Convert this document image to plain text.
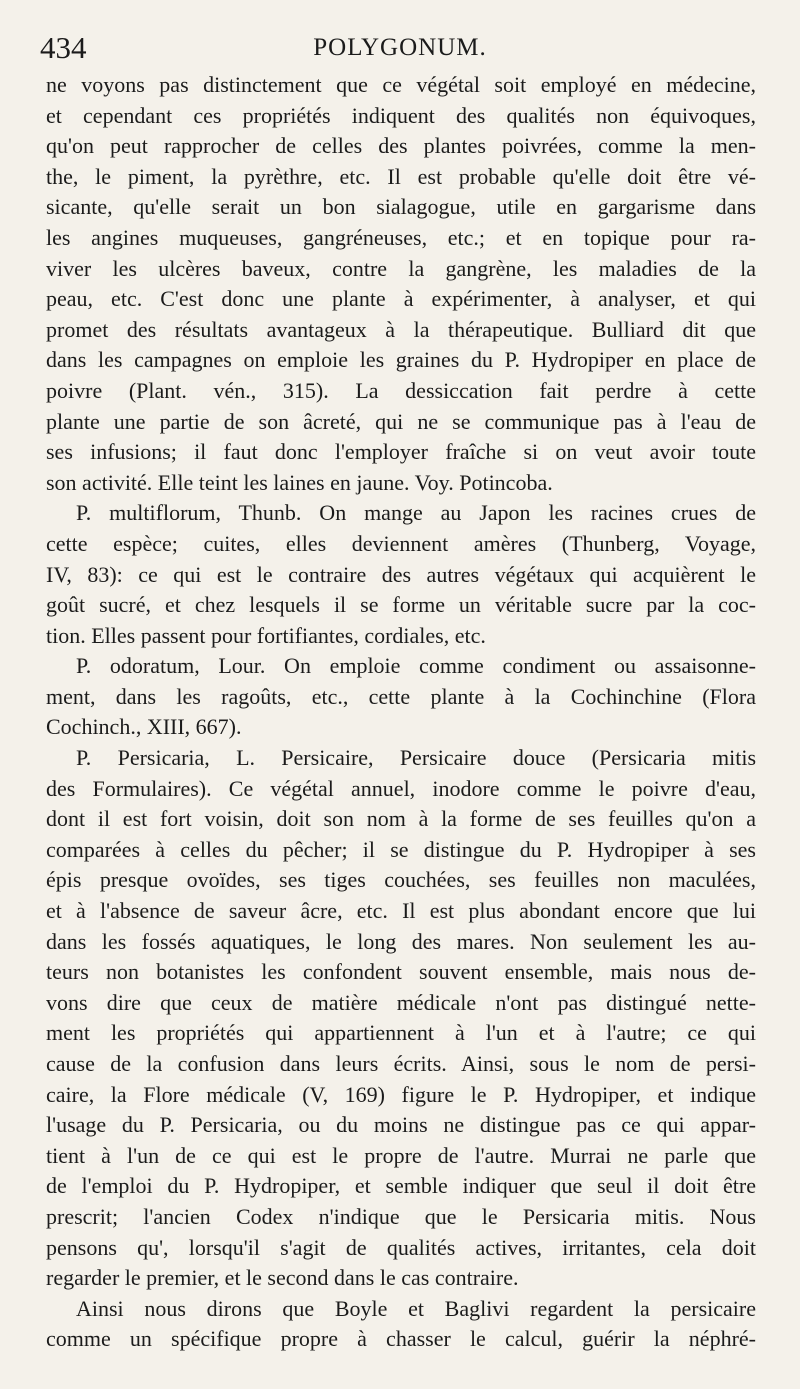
434	POLYGONUM.
ne voyons pas distinctement que ce végétal soit employé en médecine,
et cependant ces propriétés indiquent des qualités non équivoques,
qu'on peut rapprocher de celles des plantes poivrées, comme la men-
the, le piment, la pyrèthre, etc. Il est probable qu'elle doit être vé-
sicante, qu'elle serait un bon sialagogue, utile en gargarisme dans
les angines muqueuses, gangréneuses, etc.; et en topique pour ra-
viver les ulcères baveux, contre la gangrène, les maladies de la
peau, etc. C'est donc une plante à expérimenter, à analyser, et qui
promet des résultats avantageux à la thérapeutique. Bulliard dit que
dans les campagnes on emploie les graines du P. Hydropiper en place de
poivre (Plant. vén., 315). La dessiccation fait perdre à cette
plante une partie de son âcreté, qui ne se communique pas à l'eau de
ses infusions; il faut donc l'employer fraîche si on veut avoir toute
son activité. Elle teint les laines en jaune. Voy. Potincoba.
P. multiflorum, Thunb. On mange au Japon les racines crues de
cette espèce; cuites, elles deviennent amères (Thunberg, Voyage,
IV, 83): ce qui est le contraire des autres végétaux qui acquièrent le
goût sucré, et chez lesquels il se forme un véritable sucre par la coc-
tion. Elles passent pour fortifiantes, cordiales, etc.
P. odoratum, Lour. On emploie comme condiment ou assaisonne-
ment, dans les ragoûts, etc., cette plante à la Cochinchine (Flora
Cochinch., XIII, 667).
P. Persicaria, L. Persicaire, Persicaire douce (Persicaria mitis
des Formulaires). Ce végétal annuel, inodore comme le poivre d'eau,
dont il est fort voisin, doit son nom à la forme de ses feuilles qu'on a
comparées à celles du pêcher; il se distingue du P. Hydropiper à ses
épis presque ovoïdes, ses tiges couchées, ses feuilles non maculées,
et à l'absence de saveur âcre, etc. Il est plus abondant encore que lui
dans les fossés aquatiques, le long des mares. Non seulement les au-
teurs non botanistes les confondent souvent ensemble, mais nous de-
vons dire que ceux de matière médicale n'ont pas distingué nette-
ment les propriétés qui appartiennent à l'un et à l'autre; ce qui
cause de la confusion dans leurs écrits. Ainsi, sous le nom de persi-
caire, la Flore médicale (V, 169) figure le P. Hydropiper, et indique
l'usage du P. Persicaria, ou du moins ne distingue pas ce qui appar-
tient à l'un de ce qui est le propre de l'autre. Murrai ne parle que
de l'emploi du P. Hydropiper, et semble indiquer que seul il doit être
prescrit; l'ancien Codex n'indique que le Persicaria mitis. Nous
pensons qu', lorsqu'il s'agit de qualités actives, irritantes, cela doit
regarder le premier, et le second dans le cas contraire.
Ainsi nous dirons que Boyle et Baglivi regardent la persicaire
comme un spécifique propre à chasser le calcul, guérir la néphré-
